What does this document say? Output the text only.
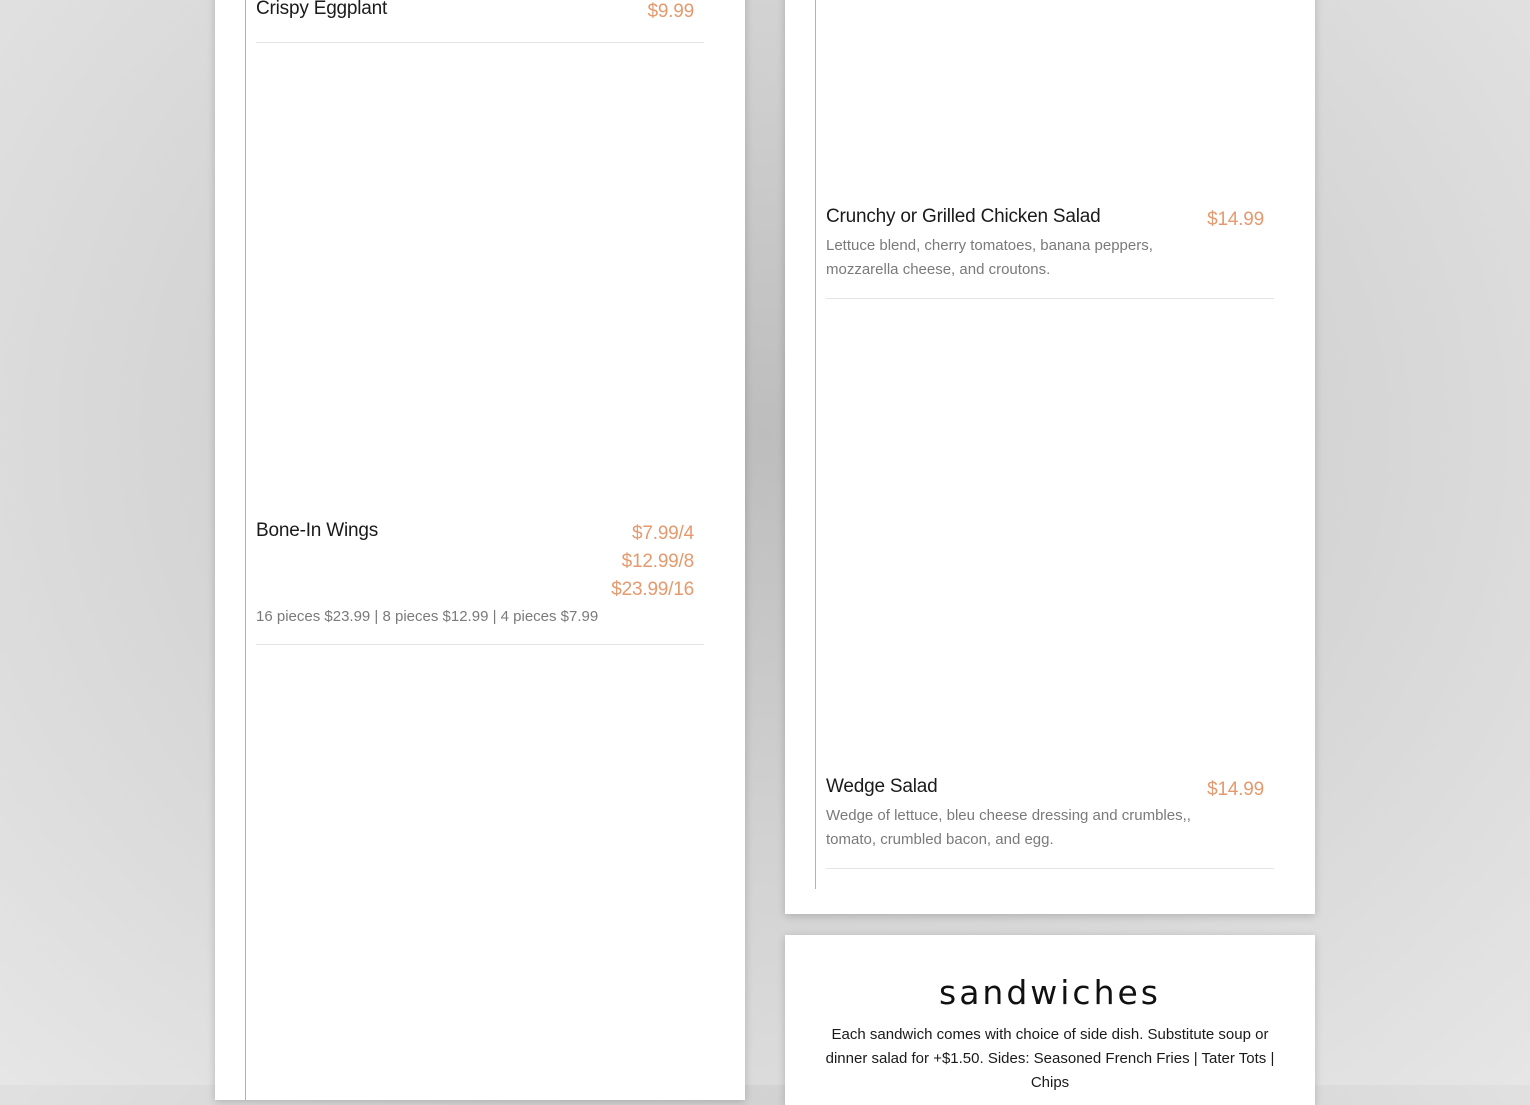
Crispy Eggplant	$9.99
Bone-In Wings	$7.99/4
$12.99/8
$23.99/16
16 pieces $23.99 | 8 pieces $12.99 | 4 pieces $7.99
Crunchy or Grilled Chicken Salad	$14.99
Lettuce blend, cherry tomatoes, banana peppers, mozzarella cheese, and croutons.
Wedge Salad	$14.99
Wedge of lettuce, bleu cheese dressing and crumbles,, tomato, crumbled bacon, and egg.
sandwiches
Each sandwich comes with choice of side dish. Substitute soup or dinner salad for +$1.50. Sides: Seasoned French Fries | Tater Tots | Chips
